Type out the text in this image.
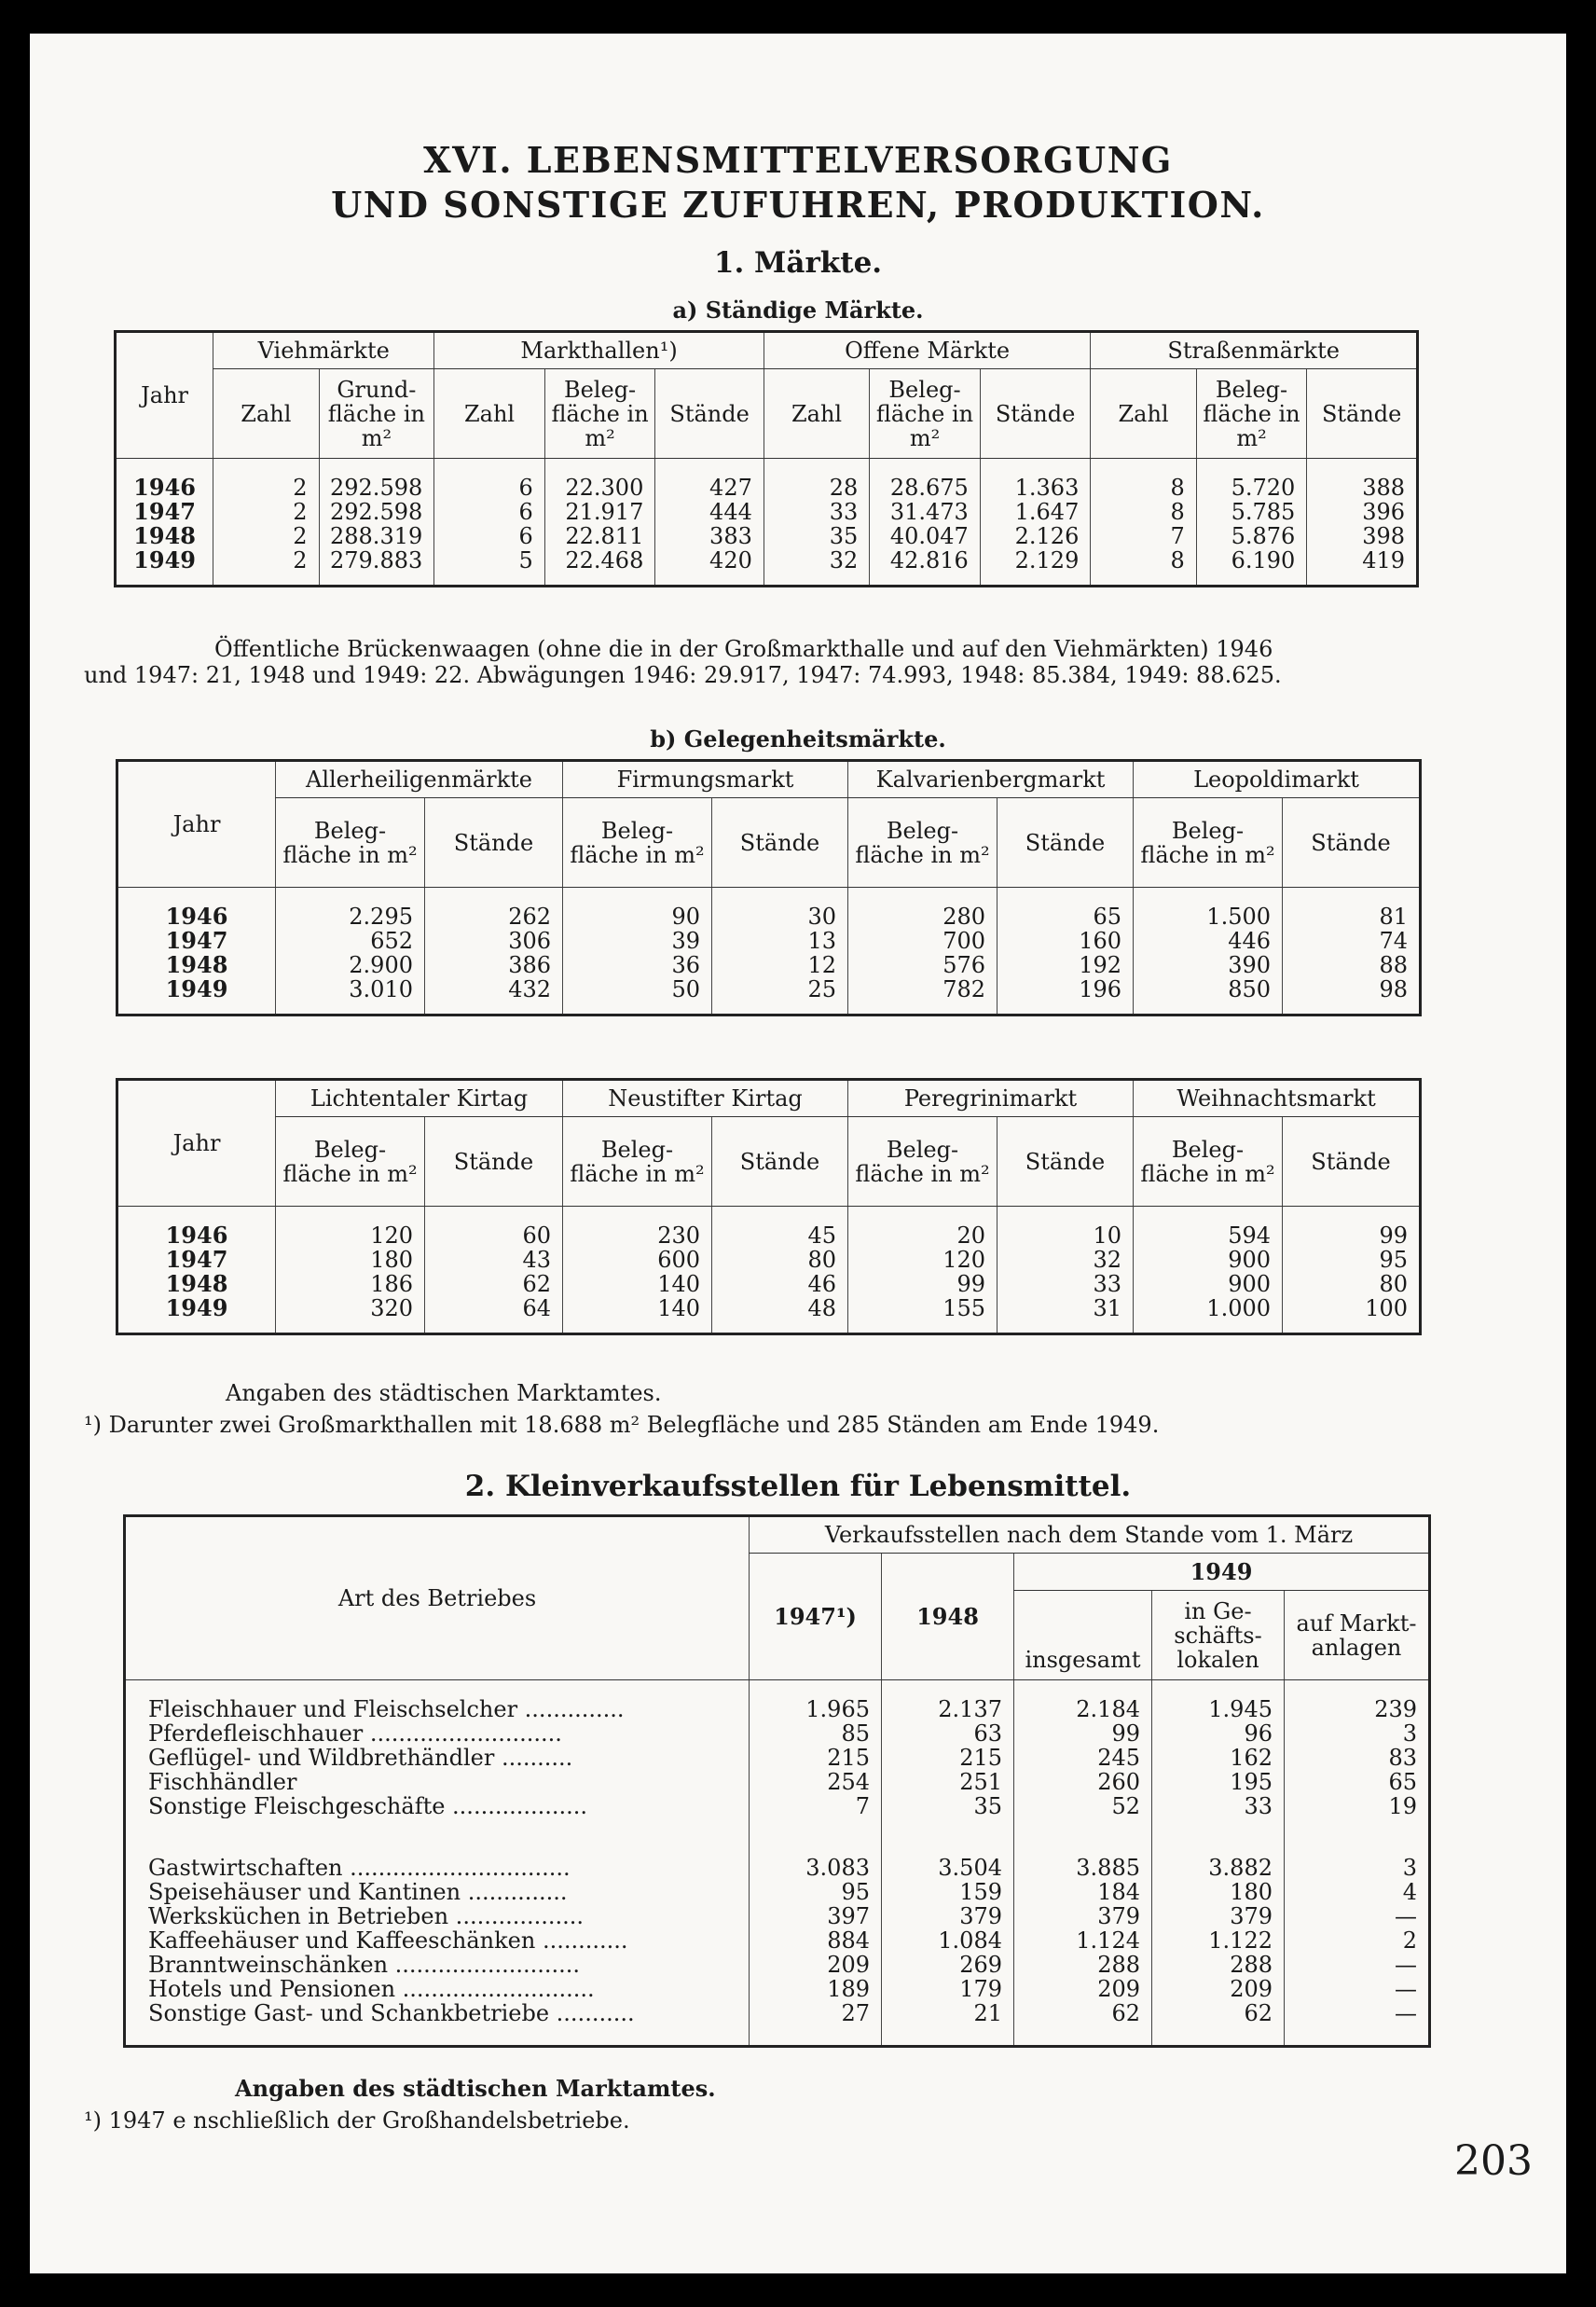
XVI. LEBENSMITTELVERSORGUNG
UND SONSTIGE ZUFUHREN, PRODUKTION.
1. Märkte.
a) Ständige Märkte.
Jahr	Viehmärkte		Markthallen¹)			Offene Märkte			Straßenmärkte		
	Zahl	Grund- fläche in m²	Zahl	Beleg- fläche in m²	Stände	Zahl	Beleg- fläche in m²	Stände	Zahl	Beleg- fläche in m²	Stände
1946	2	292.598	6	22.300	427	28	28.675	1.363	8	5.720	388
1947	2	292.598	6	21.917	444	33	31.473	1.647	8	5.785	396
1948	2	288.319	6	22.811	383	35	40.047	2.126	7	5.876	398
1949	2	279.883	5	22.468	420	32	42.816	2.129	8	6.190	419

Öffentliche Brückenwaagen (ohne die in der Großmarkthalle und auf den Viehmärkten) 1946
und 1947: 21, 1948 und 1949: 22. Abwägungen 1946: 29.917, 1947: 74.993, 1948: 85.384, 1949: 88.625.
b) Gelegenheitsmärkte.
Jahr	Allerheiligenmärkte		Firmungsmarkt		Kalvarienbergmarkt		Leopoldimarkt	
	Beleg- fläche in m²	Stände	Beleg- fläche in m²	Stände	Beleg- fläche in m²	Stände	Beleg- fläche in m²	Stände
1946	2.295	262	90	30	280	65	1.500	81
1947	652	306	39	13	700	160	446	74
1948	2.900	386	36	12	576	192	390	88
1949	3.010	432	50	25	782	196	850	98

Jahr	Lichtentaler Kirtag		Neustifter Kirtag		Peregrinimarkt		Weihnachtsmarkt	
	Beleg- fläche in m²	Stände	Beleg- fläche in m²	Stände	Beleg- fläche in m²	Stände	Beleg- fläche in m²	Stände
1946	120	60	230	45	20	10	594	99
1947	180	43	600	80	120	32	900	95
1948	186	62	140	46	99	33	900	80
1949	320	64	140	48	155	31	1.000	100

Angaben des städtischen Marktamtes.
¹) Darunter zwei Großmarkthallen mit 18.688 m² Belegfläche und 285 Ständen am Ende 1949.
2. Kleinverkaufsstellen für Lebensmittel.
Art des Betriebes	Verkaufsstellen nach dem Stande vom 1. März				
	1947¹)	1948	1949		
			insgesamt	in Ge- schäfts- lokalen	auf Markt- anlagen
Fleischhauer und Fleischselcher ..............	1.965	2.137	2.184	1.945	239
Pferdefleischhauer ...........................	85	63	99	96	3
Geflügel- und Wildbrethändler ..........	215	215	245	162	83
Fischhändler	254	251	260	195	65
Sonstige Fleischgeschäfte ...................	7	35	52	33	19

Gastwirtschaften ...............................	3.083	3.504	3.885	3.882	3
Speisehäuser und Kantinen ..............	95	159	184	180	4
Werksküchen in Betrieben ..................	397	379	379	379	—
Kaffeehäuser und Kaffeeschänken ............	884	1.084	1.124	1.122	2
Branntweinschänken ..........................	209	269	288	288	—
Hotels und Pensionen ...........................	189	179	209	209	—
Sonstige Gast- und Schankbetriebe ...........	27	21	62	62	—

Angaben des städtischen Marktamtes.
¹) 1947 e nschließlich der Großhandelsbetriebe.
203
